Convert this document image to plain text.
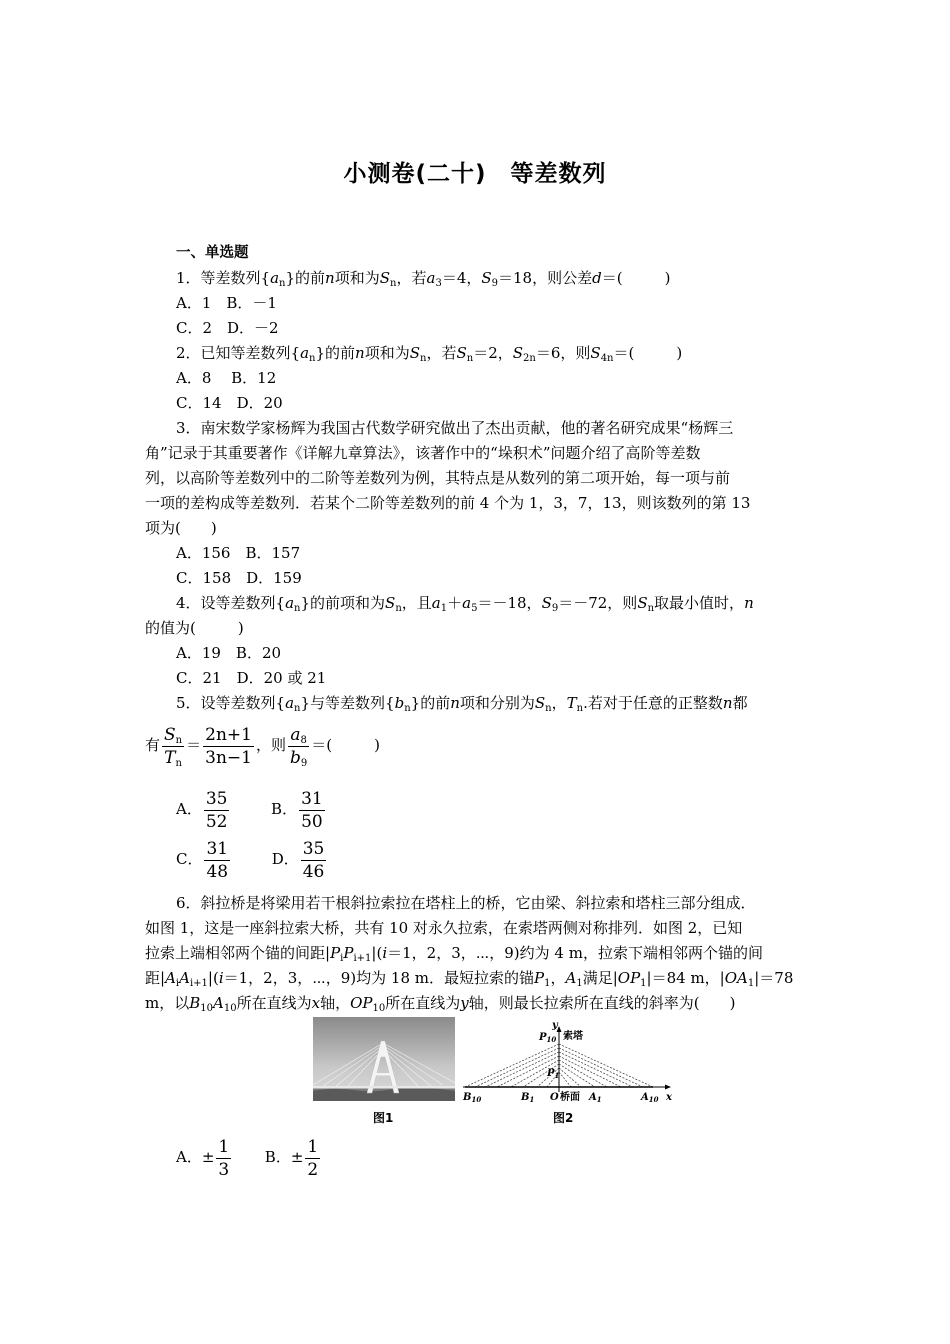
小测卷(二十)　等差数列
一、单选题
1．等差数列$\{a_n\}$的前n项和为$S_n$，若$a_3=4$，$S_9=18$，则公差d＝(	)
A．1　B．－1
C．2　D．－2
2．已知等差数列$\{a_n\}$的前n项和为$S_n$，若$S_n=2$，$S_{2n}=6$，则$S_{4n}=$(	)
A．8　 B．12
C．14　D．20
3．南宋数学家杨辉为我国古代数学研究做出了杰出贡献，他的著名研究成果“杨辉三
角”记录于其重要著作《详解九章算法》，该著作中的“垛积术”问题介绍了高阶等差数
列，以高阶等差数列中的二阶等差数列为例，其特点是从数列的第二项开始，每一项与前
一项的差构成等差数列．若某个二阶等差数列的前 4 个为 1，3，7，13，则该数列的第 13
项为( )
A．156　B．157
C．158　D．159
4．设等差数列$\{a_n\}$的前项和为$S_n$，且$a_1+a_5=-18$，$S_9=-72$，则$S_n$取最小值时，n
的值为(	)
A．19　B．20
C．21　D．20 或 21
5．设等差数列$\{a_n\}$与等差数列$\{b_n\}$的前n项和分别为$S_n$，$T_n$.若对于任意的正整数n都
有 $\frac{S_n}{T_n} = \frac{2n+1}{3n-1}$ ，则 $\frac{a_8}{b_9}$ ＝(	)
A． $\frac{35}{52}$	B． $\frac{31}{50}$
C． $\frac{31}{48}$	D． $\frac{35}{46}$
6．斜拉桥是将梁用若干根斜拉索拉在塔柱上的桥，它由梁、斜拉索和塔柱三部分组成．
如图 1，这是一座斜拉索大桥，共有 10 对永久拉索，在索塔两侧对称排列．如图 2，已知
拉索上端相邻两个锚的间距$|P_iP_{i+1}|(i=1$，2，3，⋯，9)约为 4 m，拉索下端相邻两个锚的间
距$|A_iA_{i+1}|(i=1$，2，3，⋯，9)均为 18 m．最短拉索的锚$P_1$，$A_1$满足$|OP_1|=84$ m，$|OA_1|=78$
m，以$B_{10}A_{10}$所在直线为x轴，$OP_{10}$所在直线为y轴，则最长拉索所在直线的斜率为( )
图1
y
x
$P_{10}$
$P_1$
$B_{10}$	$B_1$ O	$A_1$	$A_{10}$
索塔
桥面
图2
A．± $\frac{1}{3}$ B．± $\frac{1}{2}$
